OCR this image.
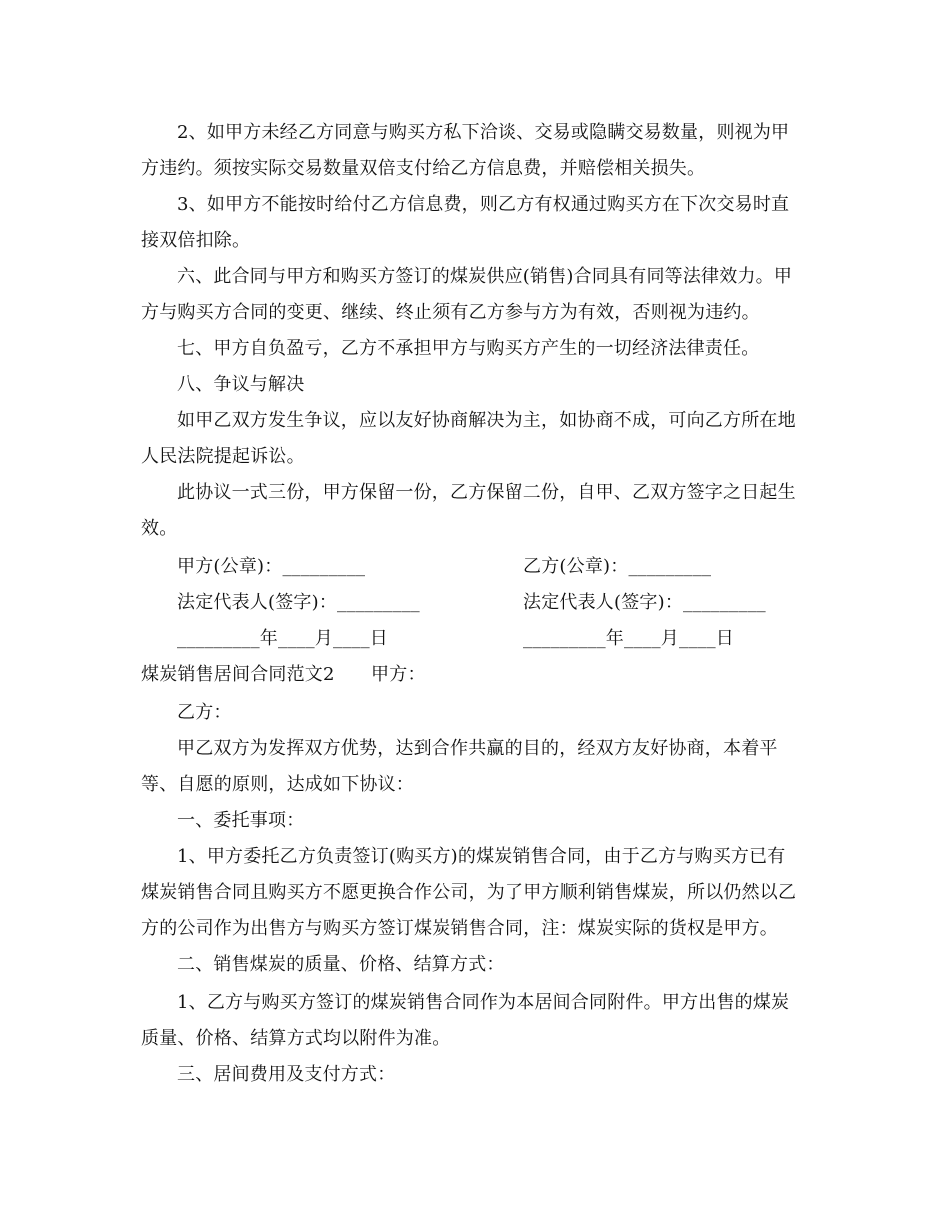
2、如甲方未经乙方同意与购买方私下洽谈、交易或隐瞒交易数量，则视为甲
方违约。须按实际交易数量双倍支付给乙方信息费，并赔偿相关损失。
3、如甲方不能按时给付乙方信息费，则乙方有权通过购买方在下次交易时直
接双倍扣除。
六、此合同与甲方和购买方签订的煤炭供应(销售)合同具有同等法律效力。甲
方与购买方合同的变更、继续、终止须有乙方参与方为有效，否则视为违约。
七、甲方自负盈亏，乙方不承担甲方与购买方产生的一切经济法律责任。
八、争议与解决
如甲乙双方发生争议，应以友好协商解决为主，如协商不成，可向乙方所在地
人民法院提起诉讼。
此协议一式三份，甲方保留一份，乙方保留二份，自甲、乙双方签字之日起生
效。
甲方(公章)：_________	乙方(公章)：_________
法定代表人(签字)：_________	法定代表人(签字)：_________
_________年____月____日	_________年____月____日
煤炭销售居间合同范文2　　甲方：
乙方：
甲乙双方为发挥双方优势，达到合作共赢的目的，经双方友好协商，本着平
等、自愿的原则，达成如下协议：
一、委托事项：
1、甲方委托乙方负责签订(购买方)的煤炭销售合同，由于乙方与购买方已有
煤炭销售合同且购买方不愿更换合作公司，为了甲方顺利销售煤炭，所以仍然以乙
方的公司作为出售方与购买方签订煤炭销售合同，注：煤炭实际的货权是甲方。
二、销售煤炭的质量、价格、结算方式：
1、乙方与购买方签订的煤炭销售合同作为本居间合同附件。甲方出售的煤炭
质量、价格、结算方式均以附件为准。
三、居间费用及支付方式：
